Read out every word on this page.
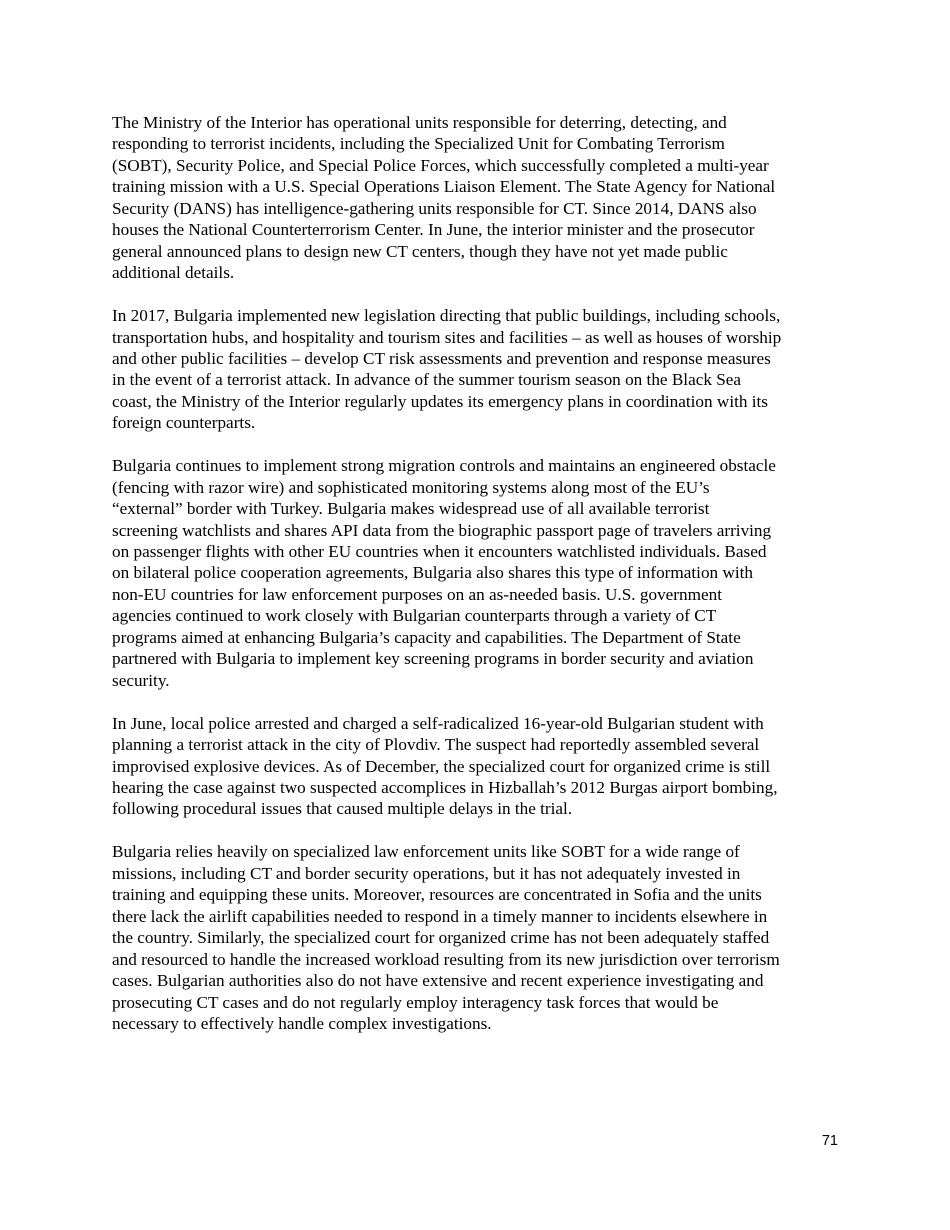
The Ministry of the Interior has operational units responsible for deterring, detecting, and
responding to terrorist incidents, including the Specialized Unit for Combating Terrorism
(SOBT), Security Police, and Special Police Forces, which successfully completed a multi-year
training mission with a U.S. Special Operations Liaison Element. The State Agency for National
Security (DANS) has intelligence-gathering units responsible for CT. Since 2014, DANS also
houses the National Counterterrorism Center. In June, the interior minister and the prosecutor
general announced plans to design new CT centers, though they have not yet made public
additional details.

In 2017, Bulgaria implemented new legislation directing that public buildings, including schools,
transportation hubs, and hospitality and tourism sites and facilities – as well as houses of worship
and other public facilities – develop CT risk assessments and prevention and response measures
in the event of a terrorist attack. In advance of the summer tourism season on the Black Sea
coast, the Ministry of the Interior regularly updates its emergency plans in coordination with its
foreign counterparts.

Bulgaria continues to implement strong migration controls and maintains an engineered obstacle
(fencing with razor wire) and sophisticated monitoring systems along most of the EU’s
“external” border with Turkey. Bulgaria makes widespread use of all available terrorist
screening watchlists and shares API data from the biographic passport page of travelers arriving
on passenger flights with other EU countries when it encounters watchlisted individuals. Based
on bilateral police cooperation agreements, Bulgaria also shares this type of information with
non-EU countries for law enforcement purposes on an as-needed basis. U.S. government
agencies continued to work closely with Bulgarian counterparts through a variety of CT
programs aimed at enhancing Bulgaria’s capacity and capabilities. The Department of State
partnered with Bulgaria to implement key screening programs in border security and aviation
security.

In June, local police arrested and charged a self-radicalized 16-year-old Bulgarian student with
planning a terrorist attack in the city of Plovdiv. The suspect had reportedly assembled several
improvised explosive devices. As of December, the specialized court for organized crime is still
hearing the case against two suspected accomplices in Hizballah’s 2012 Burgas airport bombing,
following procedural issues that caused multiple delays in the trial.

Bulgaria relies heavily on specialized law enforcement units like SOBT for a wide range of
missions, including CT and border security operations, but it has not adequately invested in
training and equipping these units. Moreover, resources are concentrated in Sofia and the units
there lack the airlift capabilities needed to respond in a timely manner to incidents elsewhere in
the country. Similarly, the specialized court for organized crime has not been adequately staffed
and resourced to handle the increased workload resulting from its new jurisdiction over terrorism
cases. Bulgarian authorities also do not have extensive and recent experience investigating and
prosecuting CT cases and do not regularly employ interagency task forces that would be
necessary to effectively handle complex investigations.

71
